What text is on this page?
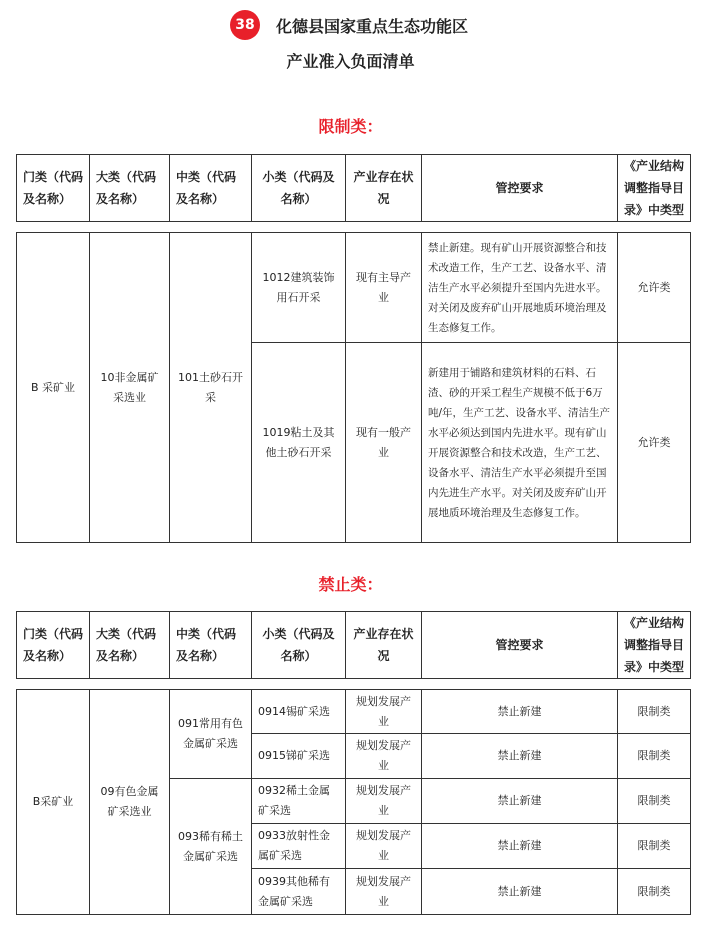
38	化德县国家重点生态功能区
产业准入负面清单
限制类：
门类（代码及名称）	大类（代码及名称）	中类（代码及名称）	小类（代码及名称）	产业存在状况	管控要求	《产业结构调整指导目录》中类型

B 采矿业	10非金属矿采选业	101土砂石开采	1012建筑装饰用石开采	现有主导产业	禁止新建。现有矿山开展资源整合和技术改造工作，生产工艺、设备水平、清洁生产水平必须提升至国内先进水平。对关闭及废弃矿山开展地质环境治理及生态修复工作。	允许类
			1019粘土及其他土砂石开采	现有一般产业	新建用于铺路和建筑材料的石料、石渣、砂的开采工程生产规模不低于6万吨/年，生产工艺、设备水平、清洁生产水平必须达到国内先进水平。现有矿山开展资源整合和技术改造，生产工艺、设备水平、清洁生产水平必须提升至国内先进生产水平。对关闭及废弃矿山开展地质环境治理及生态修复工作。	允许类
禁止类：
门类（代码及名称）	大类（代码及名称）	中类（代码及名称）	小类（代码及名称）	产业存在状况	管控要求	《产业结构调整指导目录》中类型

B采矿业	09有色金属矿采选业	091常用有色金属矿采选	0914锡矿采选	规划发展产业	禁止新建	限制类
			0915锑矿采选	规划发展产业	禁止新建	限制类
		093稀有稀土金属矿采选	0932稀土金属矿采选	规划发展产业	禁止新建	限制类
			0933放射性金属矿采选	规划发展产业	禁止新建	限制类
			0939其他稀有金属矿采选	规划发展产业	禁止新建	限制类
